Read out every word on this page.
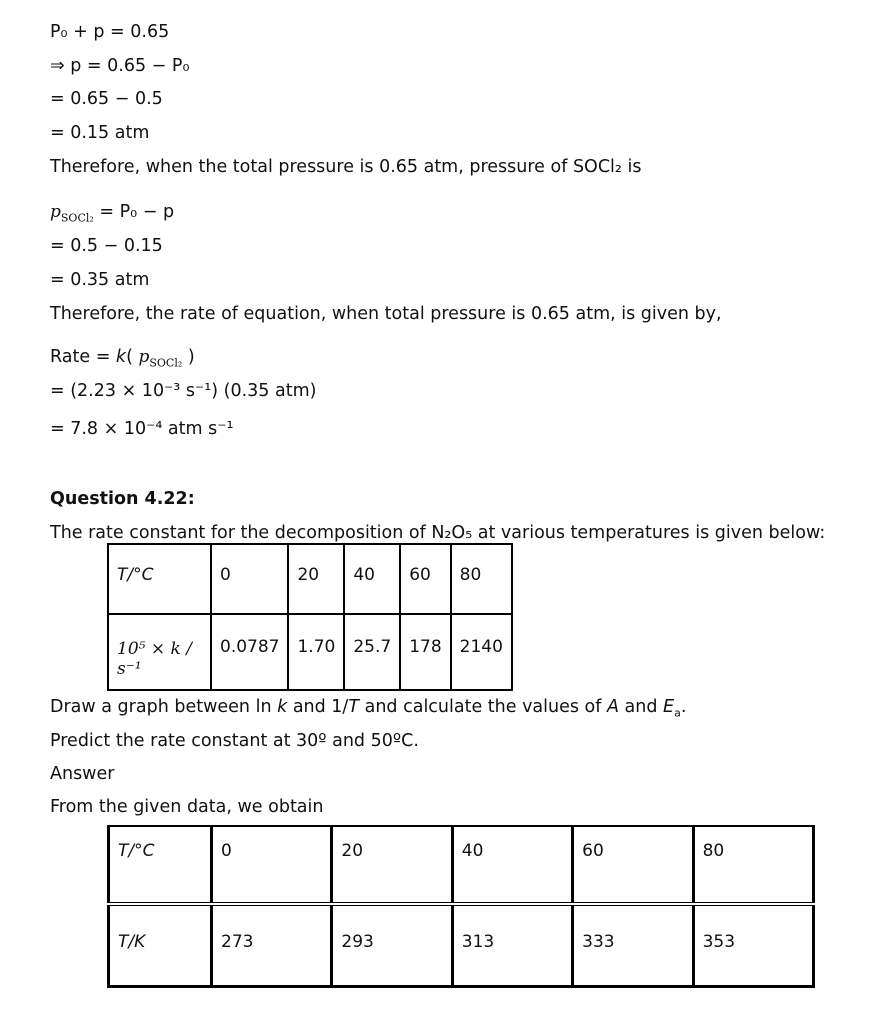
P₀ + p = 0.65
⇒ p = 0.65 − P₀
= 0.65 − 0.5
= 0.15 atm
Therefore, when the total pressure is 0.65 atm, pressure of SOCl₂ is
$p_{SOCl_2} = P_0 - p$
= 0.5 − 0.15
= 0.35 atm
Therefore, the rate of equation, when total pressure is 0.65 atm, is given by,
Rate = k( $p_{SOCl_2}$ )
= (2.23 × 10⁻³ s⁻¹) (0.35 atm)
= 7.8 × 10⁻⁴ atm s⁻¹
Question 4.22:
The rate constant for the decomposition of N₂O₅ at various temperatures is given below:
T/°C	0	20	40	60	80
10⁵ × k / s⁻¹	0.0787	1.70	25.7	178	2140
Draw a graph between ln k and 1/T and calculate the values of A and $E_a$.
Predict the rate constant at 30º and 50ºC.
Answer
From the given data, we obtain
T/°C	0	20	40	60	80
T/K	273	293	313	333	353
